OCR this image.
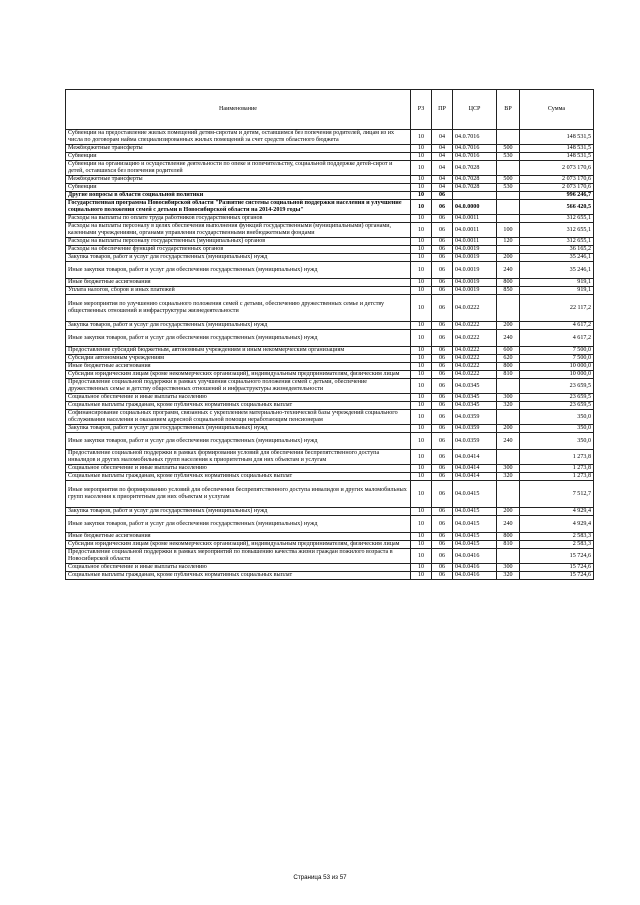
Наименование	РЗ	ПР	ЦСР	ВР	Сумма
Субвенции на предоставление жилых помещений детям-сиротам и детям, оставшимся без попечения родителей, лицам из их числа по договорам найма специализированных жилых помещений за счет средств областного бюджета	10	04	04.0.7016		148 531,5
Межбюджетные трансферты	10	04	04.0.7016	500	148 531,5
Субвенции	10	04	04.0.7016	530	148 531,5
Субвенции на организацию и осуществление деятельности по опеке и попечительству, социальной поддержке детей-сирот и детей, оставшихся без попечения родителей	10	04	04.0.7028		2 073 170,6
Межбюджетные трансферты	10	04	04.0.7028	500	2 073 170,6
Субвенции	10	04	04.0.7028	530	2 073 170,6
Другие вопросы в области социальной политики	10	06			996 246,7
Государственная программа Новосибирской области "Развитие системы социальной поддержки населения и улучшение социального положения семей с детьми в Новосибирской области на 2014-2019 годы"	10	06	04.0.0000		566 420,5
Расходы на выплаты по оплате труда работников государственных органов	10	06	04.0.0011		312 655,1
Расходы на выплаты персоналу в целях обеспечения выполнения функций государственными (муниципальными) органами, казенными учреждениями, органами управления государственными внебюджетными фондами	10	06	04.0.0011	100	312 655,1
Расходы на выплаты персоналу государственных (муниципальных) органов	10	06	04.0.0011	120	312 655,1
Расходы на обеспечение функций государственных органов	10	06	04.0.0019		36 165,2
Закупка товаров, работ и услуг для государственных (муниципальных) нужд	10	06	04.0.0019	200	35 246,1
Иные закупки товаров, работ и услуг для обеспечения государственных (муниципальных) нужд	10	06	04.0.0019	240	35 246,1
Иные бюджетные ассигнования	10	06	04.0.0019	800	919,1
Уплата налогов, сборов и иных платежей	10	06	04.0.0019	850	919,1
Иные мероприятия по улучшению социального положения семей с детьми, обеспечению дружественных семье и детству общественных отношений и инфраструктуры жизнедеятельности	10	06	04.0.0222		22 117,2
Закупка товаров, работ и услуг для государственных (муниципальных) нужд	10	06	04.0.0222	200	4 617,2
Иные закупки товаров, работ и услуг для обеспечения государственных (муниципальных) нужд	10	06	04.0.0222	240	4 617,2
Предоставление субсидий бюджетным, автономным учреждениям и иным некоммерческим организациям	10	06	04.0.0222	600	7 500,0
Субсидии автономным учреждениям	10	06	04.0.0222	620	7 500,0
Иные бюджетные ассигнования	10	06	04.0.0222	800	10 000,0
Субсидии юридическим лицам (кроме некоммерческих организаций), индивидуальным предпринимателям, физическим лицам	10	06	04.0.0222	810	10 000,0
Предоставление социальной поддержки в рамках улучшения социального положения семей с детьми, обеспечение дружественных семье и детству общественных отношений и инфраструктуры жизнедеятельности	10	06	04.0.0345		23 659,5
Социальное обеспечение и иные выплаты населению	10	06	04.0.0345	300	23 659,5
Социальные выплаты гражданам, кроме публичных нормативных социальных выплат	10	06	04.0.0345	320	23 659,5
Софинансирование социальных программ, связанных с укреплением материально-технической базы учреждений социального обслуживания населения и оказанием адресной социальной помощи неработающим пенсионерам	10	06	04.0.0359		350,0
Закупка товаров, работ и услуг для государственных (муниципальных) нужд	10	06	04.0.0359	200	350,0
Иные закупки товаров, работ и услуг для обеспечения государственных (муниципальных) нужд	10	06	04.0.0359	240	350,0
Предоставление социальной поддержки в рамках формирования условий для обеспечения беспрепятственного доступа инвалидов и других маломобильных групп населения к приоритетным для них объектам и услугам	10	06	04.0.0414		1 273,8
Социальное обеспечение и иные выплаты населению	10	06	04.0.0414	300	1 273,8
Социальные выплаты гражданам, кроме публичных нормативных социальных выплат	10	06	04.0.0414	320	1 273,8
Иные мероприятия по формированию условий для обеспечения беспрепятственного доступа инвалидов и других маломобильных групп населения к приоритетным для них объектам и услугам	10	06	04.0.0415		7 512,7
Закупка товаров, работ и услуг для государственных (муниципальных) нужд	10	06	04.0.0415	200	4 929,4
Иные закупки товаров, работ и услуг для обеспечения государственных (муниципальных) нужд	10	06	04.0.0415	240	4 929,4
Иные бюджетные ассигнования	10	06	04.0.0415	800	2 583,3
Субсидии юридическим лицам (кроме некоммерческих организаций), индивидуальным предпринимателям, физическим лицам	10	06	04.0.0415	810	2 583,3
Предоставление социальной поддержки в рамках мероприятий по повышению качества жизни граждан пожилого возраста в Новосибирской области	10	06	04.0.0416		15 724,6
Социальное обеспечение и иные выплаты населению	10	06	04.0.0416	300	15 724,6
Социальные выплаты гражданам, кроме публичных нормативных социальных выплат	10	06	04.0.0416	320	15 724,6
Страница 53 из 57
